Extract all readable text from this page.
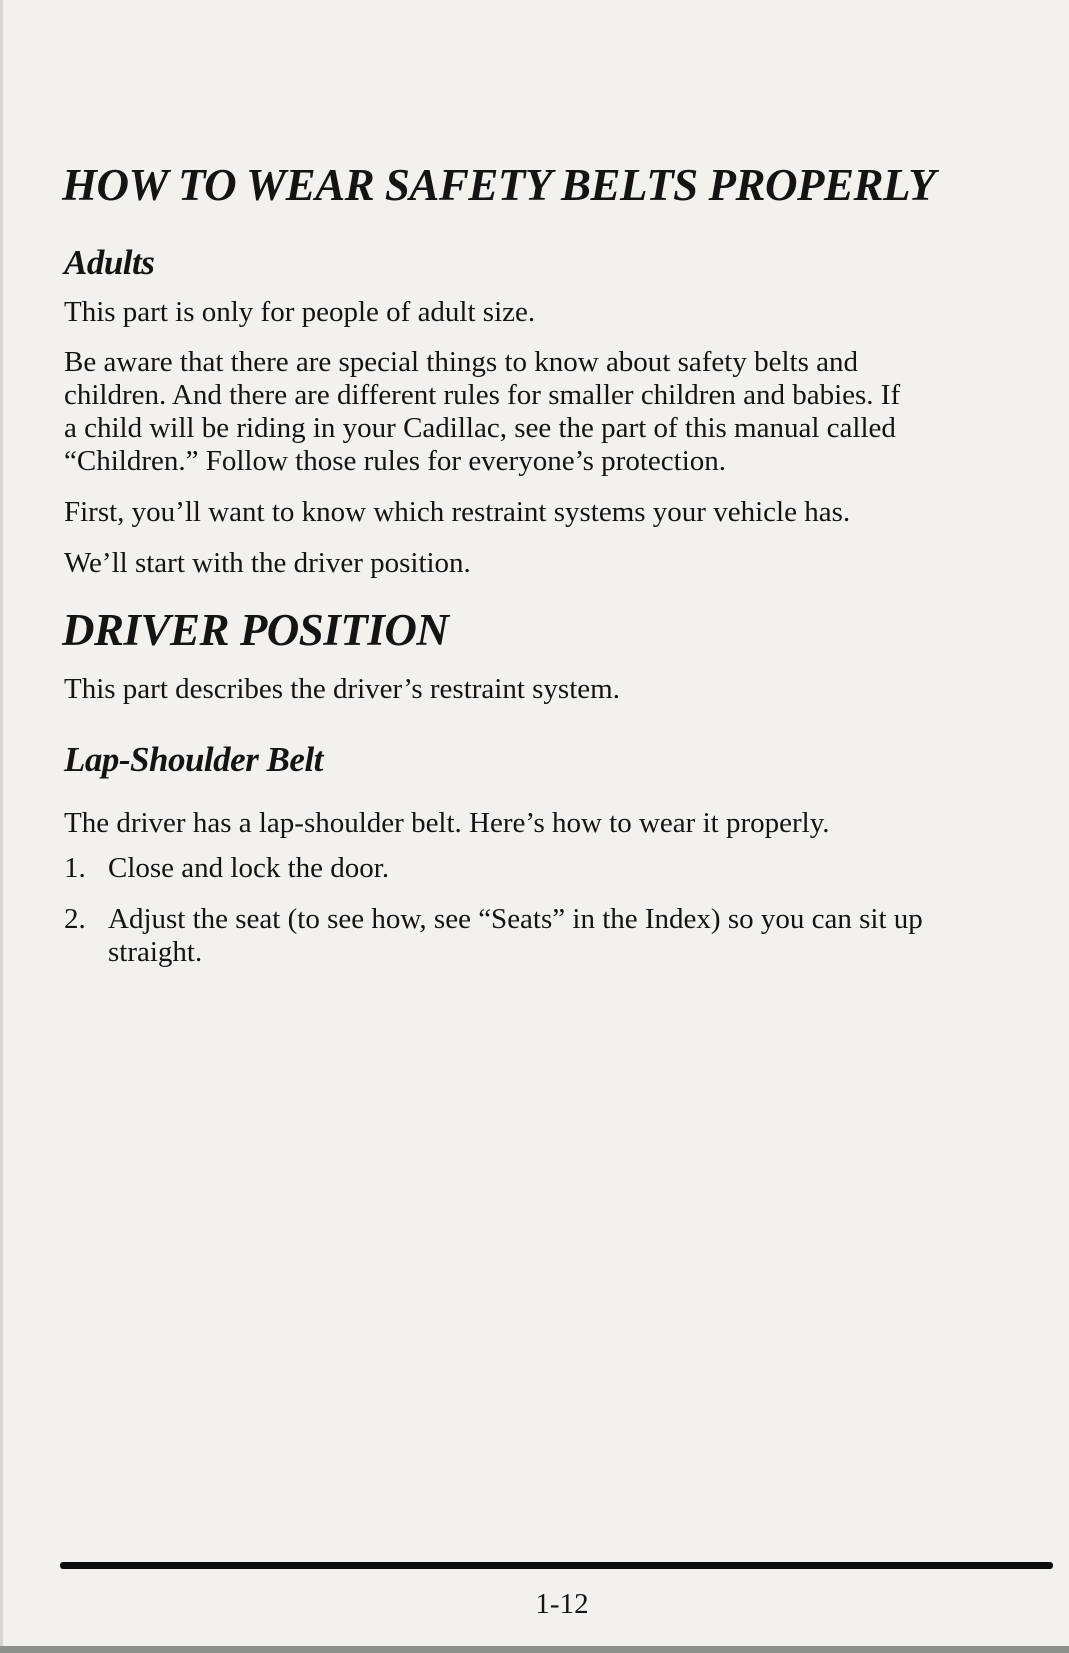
HOW TO WEAR SAFETY BELTS PROPERLY
Adults
This part is only for people of adult size.
Be aware that there are special things to know about safety belts and
children. And there are different rules for smaller children and babies. If
a child will be riding in your Cadillac, see the part of this manual called
“Children.” Follow those rules for everyone’s protection.
First, you’ll want to know which restraint systems your vehicle has.
We’ll start with the driver position.
DRIVER POSITION
This part describes the driver’s restraint system.
Lap-Shoulder Belt
The driver has a lap-shoulder belt. Here’s how to wear it properly.
1. Close and lock the door.
2. Adjust the seat (to see how, see “Seats” in the Index) so you can sit up
straight.
1-12
